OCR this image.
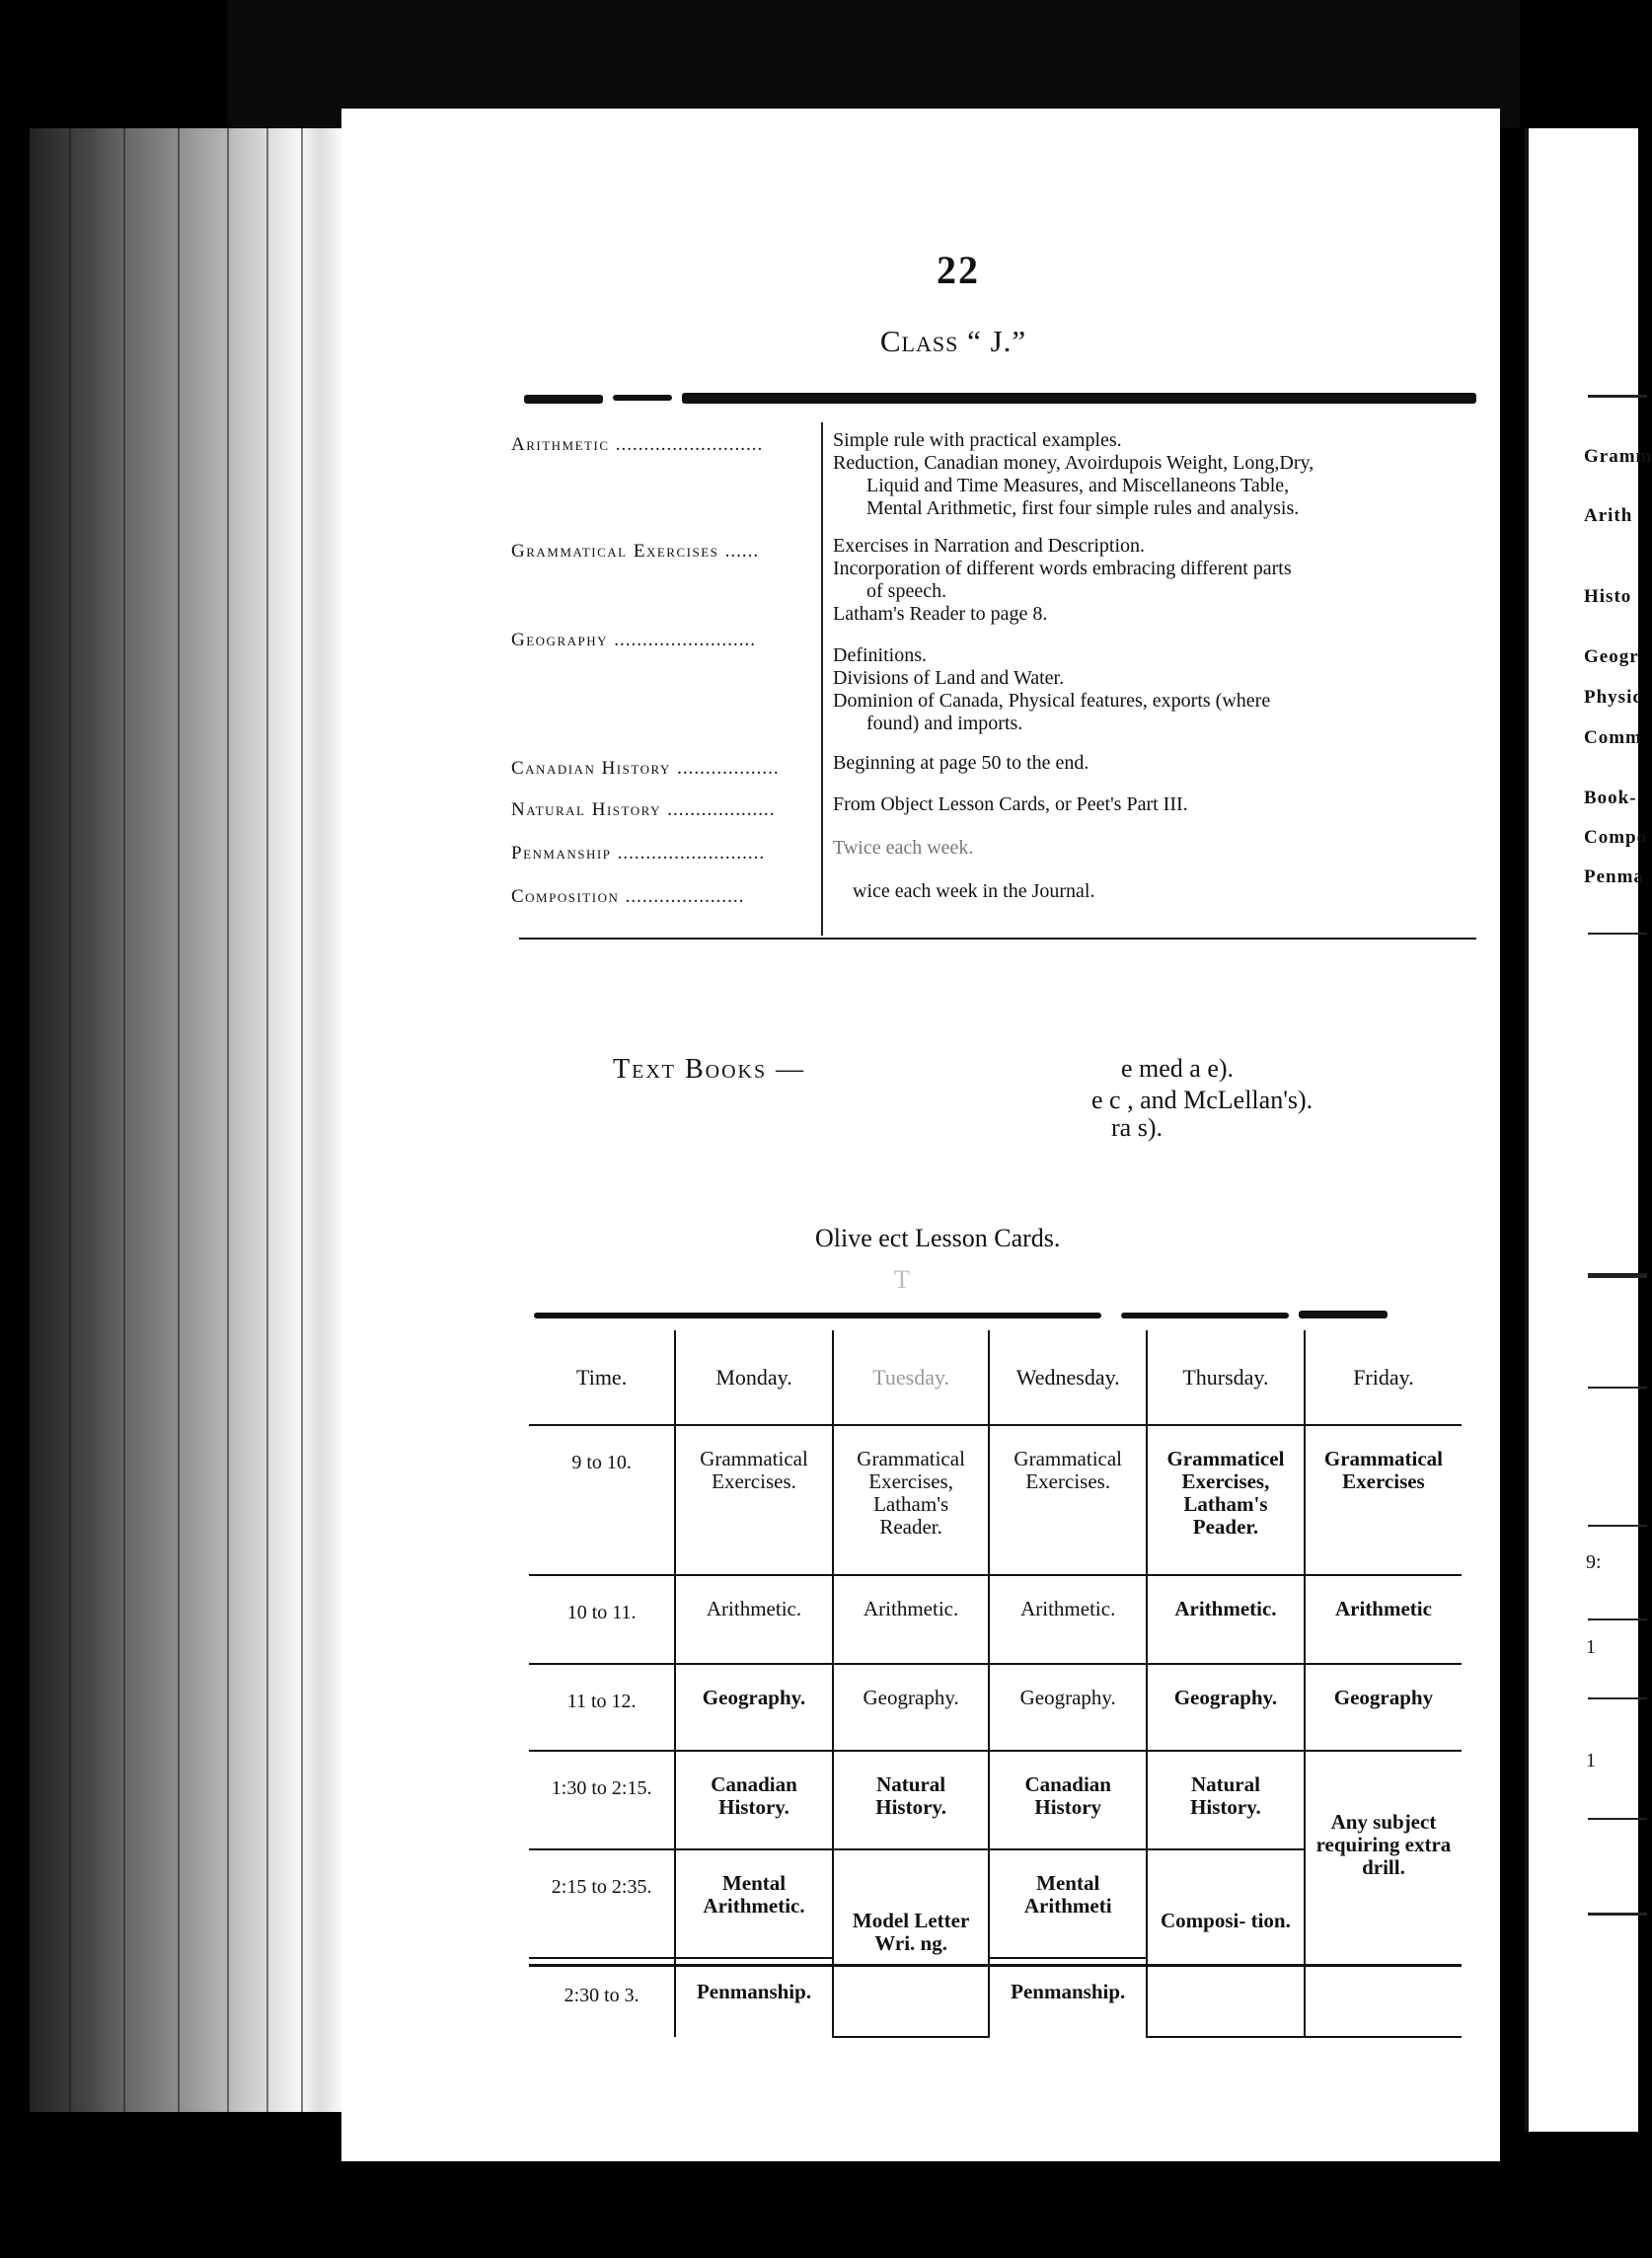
Gramm
Arith
Histo
Geogr
Physic
Comm
Book-
Compo
Penma
9:
1
1
22
Class “ J.”
Arithmetic ..........................	Simple rule with practical examples.
Reduction, Canadian money, Avoirdupois Weight, Long,Dry,

Liquid and Time Measures, and Miscellaneons Table,
Mental Arithmetic, first four simple rules and analysis.
Grammatical Exercises ......	Exercises in Narration and Description.
Incorporation of different words embracing different parts

of speech.
Latham's Reader to page 8.
Geography .........................
Definitions.
Divisions of Land and Water.
Dominion of Canada, Physical features, exports (where

found) and imports.
Canadian History ..................	Beginning at page 50 to the end.
Natural History ...................	From Object Lesson Cards, or Peet's Part III.
Penmanship ..........................	Twice each week.
Composition .....................	wice each week in the Journal.
Text Books —	e med a e).
e c , and McLellan's).
ra s).
Olive ect Lesson Cards.
T
Time.	Monday.	Tuesday.	Wednesday.	Thursday.	Friday.
9 to 10.	Grammatical Exercises.	Grammatical Exercises, Latham's Reader.	Grammatical Exercises.	Grammaticel Exercises, Latham's Peader.	Grammatical Exercises
10 to 11.	Arithmetic.	Arithmetic.	Arithmetic.	Arithmetic.	Arithmetic
11 to 12.	Geography.	Geography.	Geography.	Geography.	Geography
1:30 to 2:15.	Canadian History.	Natural History.	Canadian History	Natural History.	Any subject requiring extra drill.
2:15 to 2:35.	Mental Arithmetic.	Model Letter Wri. ng.	Mental Arithmeti	Composi- tion.	
2:30 to 3.	Penmanship.		Penmanship.		
